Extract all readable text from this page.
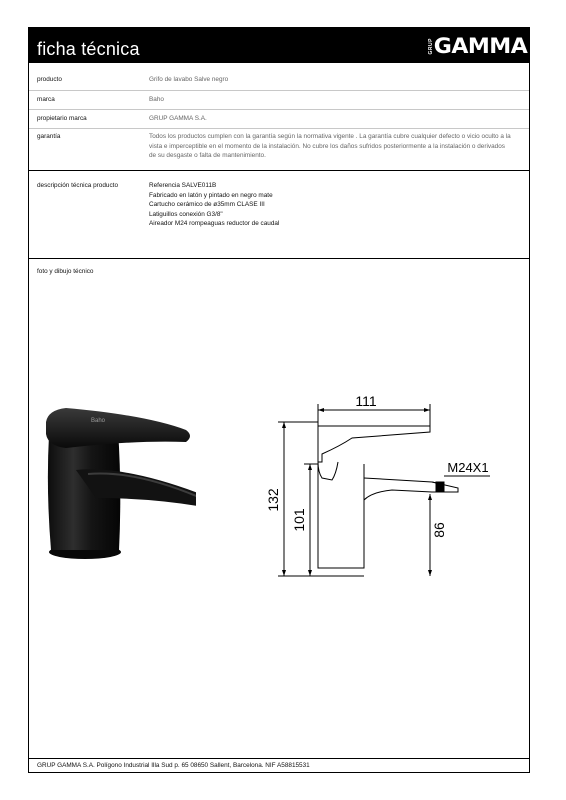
ficha técnica	GRUP GAMMA
producto	Grifo de lavabo Salve negro
marca	Baho
propietario marca	GRUP GAMMA S.A.
garantía	Todos los productos cumplen con la garantía según la normativa vigente . La garantía cubre cualquier defecto o vicio oculto a la
vista e imperceptible en el momento de la instalación. No cubre los daños sufridos posteriormente a la instalación o derivados
de su desgaste o falta de mantenimiento.
descripción técnica producto	Referencia SALVE011B
Fabricado en latón y pintado en negro mate
Cartucho cerámico de ø35mm CLASE III
Latiguillos conexión G3/8"
Aireador M24 rompeaguas reductor de caudal
foto y dibujo técnico
GRUP GAMMA S.A. Polígono Industrial Illa Sud p. 65 08650 Sallent, Barcelona. NIF A58815531
Baho
111
132
101	86
M24X1
